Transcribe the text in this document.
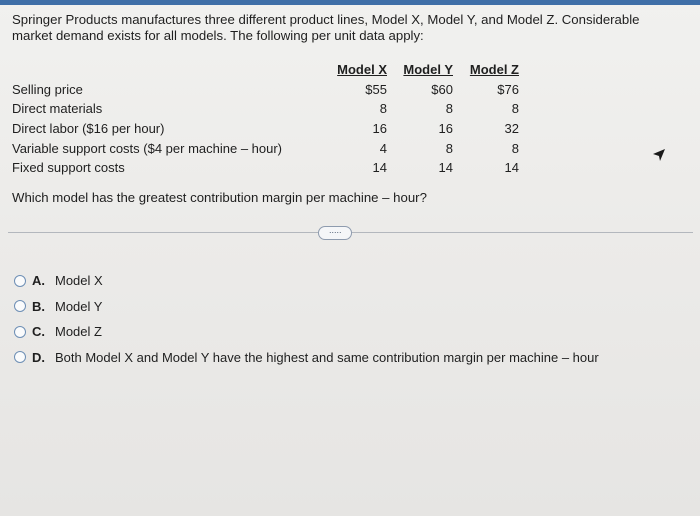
Springer Products manufactures three different product lines, Model X, Model Y, and Model Z. Considerable market demand exists for all models. The following per unit data apply:

	Model X	Model Y	Model Z
Selling price	$55	$60	$76
Direct materials	8	8	8
Direct labor ($16 per hour)	16	16	32
Variable support costs ($4 per machine – hour)	4	8	8
Fixed support costs	14	14	14

Which model has the greatest contribution margin per machine – hour?

·····
A. Model X
B. Model Y
C. Model Z
D. Both Model X and Model Y have the highest and same contribution margin per machine – hour
